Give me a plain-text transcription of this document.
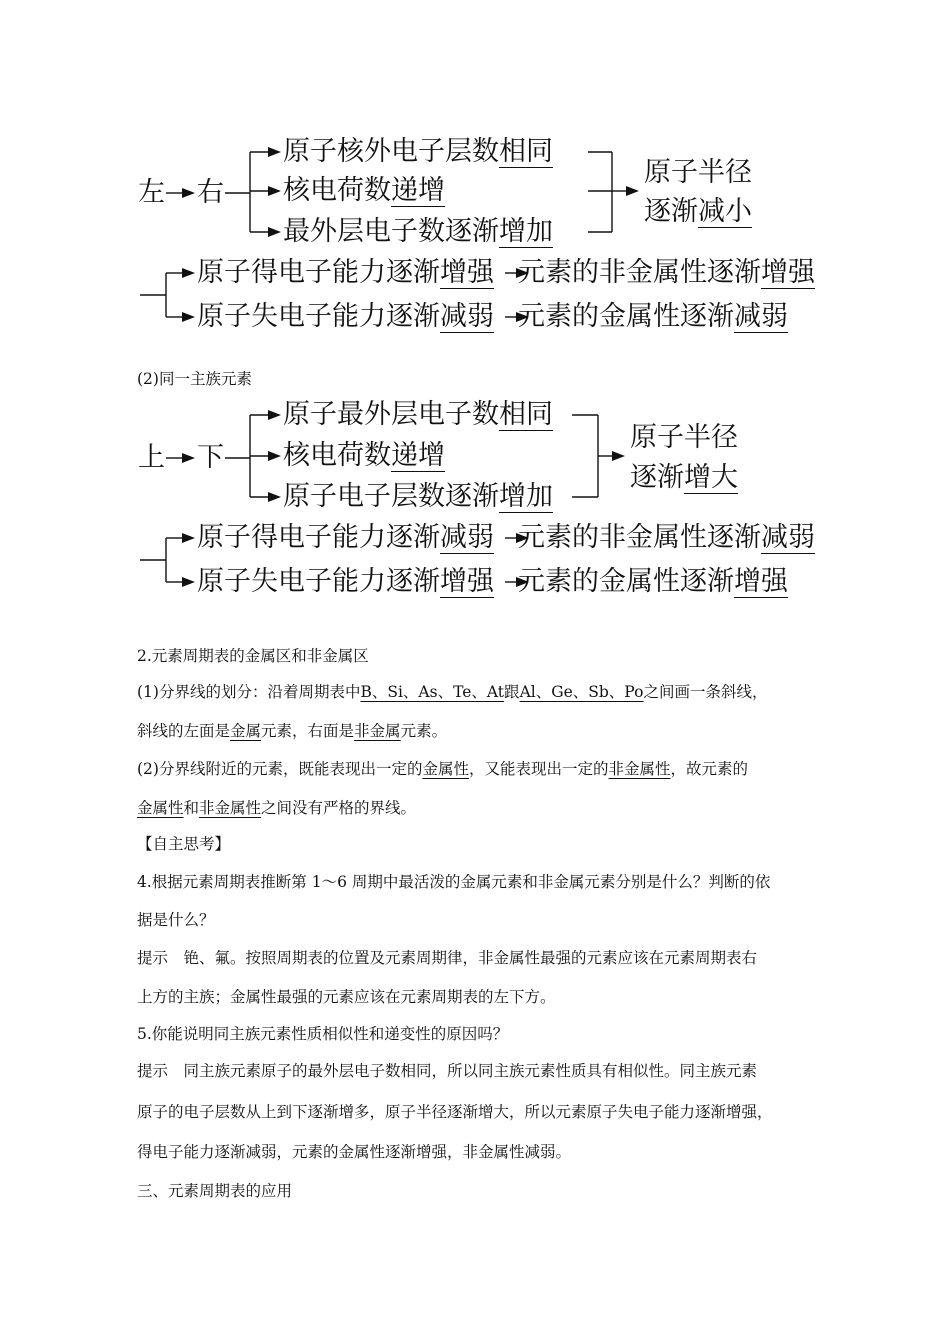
左 右
原子核外电子层数相同
核电荷数递增
最外层电子数逐渐增加
原子半径
逐渐减小
原子得电子能力逐渐增强 元素的非金属性逐渐增强
原子失电子能力逐渐减弱 元素的金属性逐渐减弱
(2)同一主族元素
上 下
原子最外层电子数相同
核电荷数递增
原子电子层数逐渐增加
原子半径
逐渐增大
原子得电子能力逐渐减弱 元素的非金属性逐渐减弱
原子失电子能力逐渐增强 元素的金属性逐渐增强
2.元素周期表的金属区和非金属区
(1)分界线的划分：沿着周期表中B、Si、As、Te、At跟Al、Ge、Sb、Po之间画一条斜线，
斜线的左面是金属元素，右面是非金属元素。
(2)分界线附近的元素，既能表现出一定的金属性，又能表现出一定的非金属性，故元素的
金属性和非金属性之间没有严格的界线。
【自主思考】
4.根据元素周期表推断第 1～6 周期中最活泼的金属元素和非金属元素分别是什么？判断的依
据是什么？
提示　铯、氟。按照周期表的位置及元素周期律，非金属性最强的元素应该在元素周期表右
上方的主族；金属性最强的元素应该在元素周期表的左下方。
5.你能说明同主族元素性质相似性和递变性的原因吗？
提示　同主族元素原子的最外层电子数相同，所以同主族元素性质具有相似性。同主族元素
原子的电子层数从上到下逐渐增多，原子半径逐渐增大，所以元素原子失电子能力逐渐增强，
得电子能力逐渐减弱，元素的金属性逐渐增强，非金属性减弱。
三、元素周期表的应用
